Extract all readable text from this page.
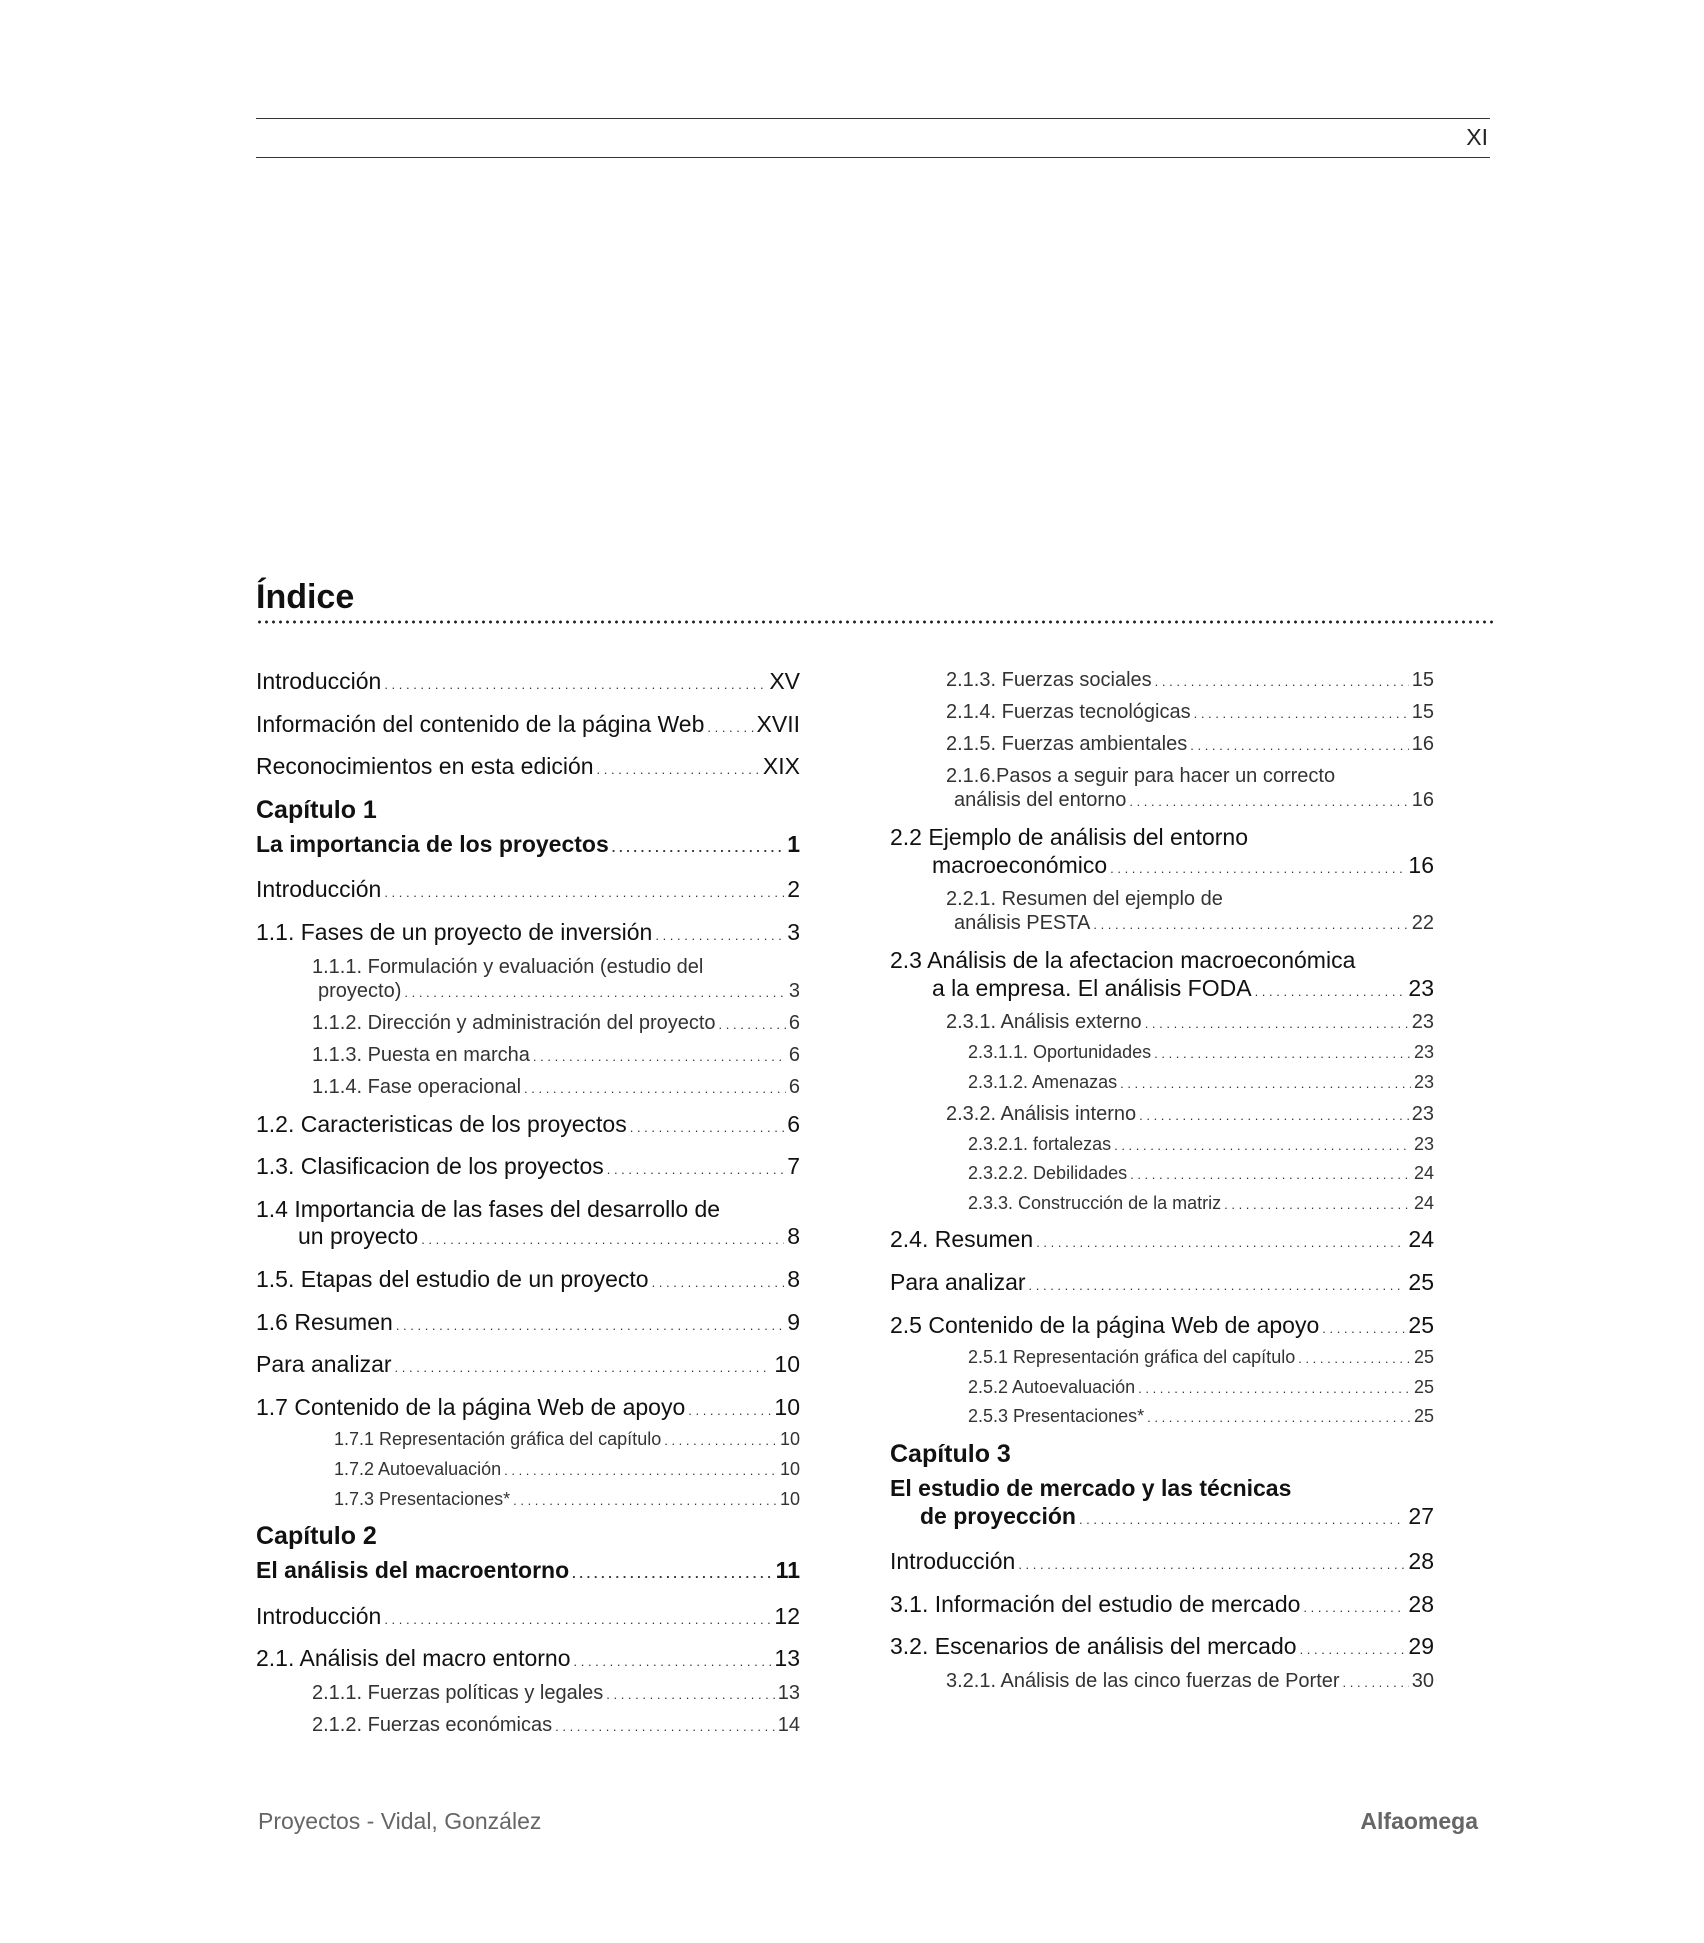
XI
Índice
Introducción . . .	XV
Información del contenido de la página Web . . . XVII
Reconocimientos en esta edición . . .	XIX
Capítulo 1
La importancia de los proyectos . . .	1
Introducción . . .	2
1.1. Fases de un proyecto de inversión . . .	3
1.1.1. Formulación y evaluación (estudio del
proyecto) . . .	3
1.1.2. Dirección y administración del proyecto . . .	6
1.1.3. Puesta en marcha . . .	6
1.1.4. Fase operacional . . .	6
1.2. Caracteristicas de los proyectos . . .	6
1.3. Clasificacion de los proyectos . . .	7
1.4 Importancia de las fases del desarrollo de
un proyecto . . .	8
1.5. Etapas del estudio de un proyecto . . .	8
1.6 Resumen . . .	9
Para analizar . . .	10
1.7 Contenido de la página Web de apoyo . . .	10
1.7.1 Representación gráfica del capítulo . . .	10
1.7.2 Autoevaluación . . .	10
1.7.3 Presentaciones* . . .	10
Capítulo 2
El análisis del macroentorno . . .	11
Introducción . . .	12
2.1. Análisis del macro entorno . . .	13
2.1.1. Fuerzas políticas y legales . . .	13
2.1.2. Fuerzas económicas . . .	14
2.1.3. Fuerzas sociales . . .	15
2.1.4. Fuerzas tecnológicas . . .	15
2.1.5. Fuerzas ambientales . . .	16
2.1.6.Pasos a seguir para hacer un correcto
análisis del entorno . . .	16
2.2 Ejemplo de análisis del entorno
macroeconómico . . .	16
2.2.1. Resumen del ejemplo de
análisis PESTA . . .	22
2.3 Análisis de la afectacion macroeconómica
a la empresa. El análisis FODA . . .	23
2.3.1. Análisis externo . . .	23
2.3.1.1. Oportunidades . . .	23
2.3.1.2. Amenazas . . .	23
2.3.2. Análisis interno . . .	23
2.3.2.1. fortalezas . . .	23
2.3.2.2. Debilidades . . .	24
2.3.3. Construcción de la matriz . . .	24
2.4. Resumen . . .	24
Para analizar . . .	25
2.5 Contenido de la página Web de apoyo . . .	25
2.5.1 Representación gráfica del capítulo . . .	25
2.5.2 Autoevaluación . . .	25
2.5.3 Presentaciones* . . .	25
Capítulo 3
El estudio de mercado y las técnicas
de proyección . . .	27
Introducción . . .	28
3.1. Información del estudio de mercado . . .	28
3.2. Escenarios de análisis del mercado . . .	29
3.2.1. Análisis de las cinco fuerzas de Porter . . .	30
Proyectos - Vidal, González	Alfaomega
